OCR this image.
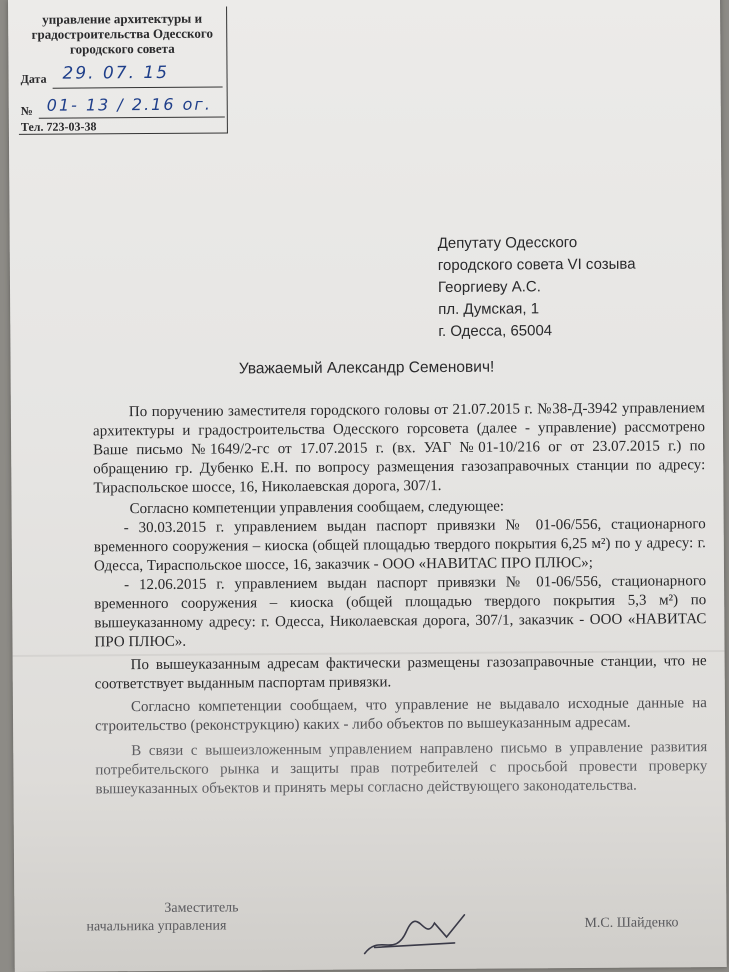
управление архитектуры и
градостроительства Одесского
городского совета
Дата 29. 07. 15
№ 01- 13 / 2.16 ог.
Тел. 723-03-38
Депутату Одесского
городского совета VI созыва
Георгиеву А.С.
пл. Думская, 1
г. Одесса, 65004
Уважаемый Александр Семенович!

По поручению заместителя городского головы от 21.07.2015 г. №38-Д-3942 управлением архитектуры и градостроительства Одесского горсовета (далее - управление) рассмотрено Ваше письмо №1649/2-гс от 17.07.2015 г. (вх. УАГ №01-10/216 ог от 23.07.2015 г.) по обращению гр. Дубенко Е.Н. по вопросу размещения газозаправочных станции по адресу: Тираспольское шоссе, 16, Николаевская дорога, 307/1.

Согласно компетенции управления сообщаем, следующее:

- 30.03.2015 г. управлением выдан паспорт привязки № 01-06/556, стационарного временного сооружения – киоска (общей площадью твердого покрытия 6,25 м²) по у адресу: г. Одесса, Тираспольское шоссе, 16, заказчик - ООО «НАВИТАС ПРО ПЛЮС»;

- 12.06.2015 г. управлением выдан паспорт привязки № 01-06/556, стационарного временного сооружения – киоска (общей площадью твердого покрытия 5,3 м²) по вышеуказанному адресу: г. Одесса, Николаевская дорога, 307/1, заказчик - ООО «НАВИТАС ПРО ПЛЮС».

По вышеуказанным адресам фактически размещены газозаправочные станции, что не соответствует выданным паспортам привязки.

Согласно компетенции сообщаем, что управление не выдавало исходные данные на строительство (реконструкцию) каких - либо объектов по вышеуказанным адресам.

В связи с вышеизложенным управлением направлено письмо в управление развития потребительского рынка и защиты прав потребителей с просьбой провести проверку вышеуказанных объектов и принять меры согласно действующего законодательства.

Заместитель
начальника управления	М.С. Шайденко
